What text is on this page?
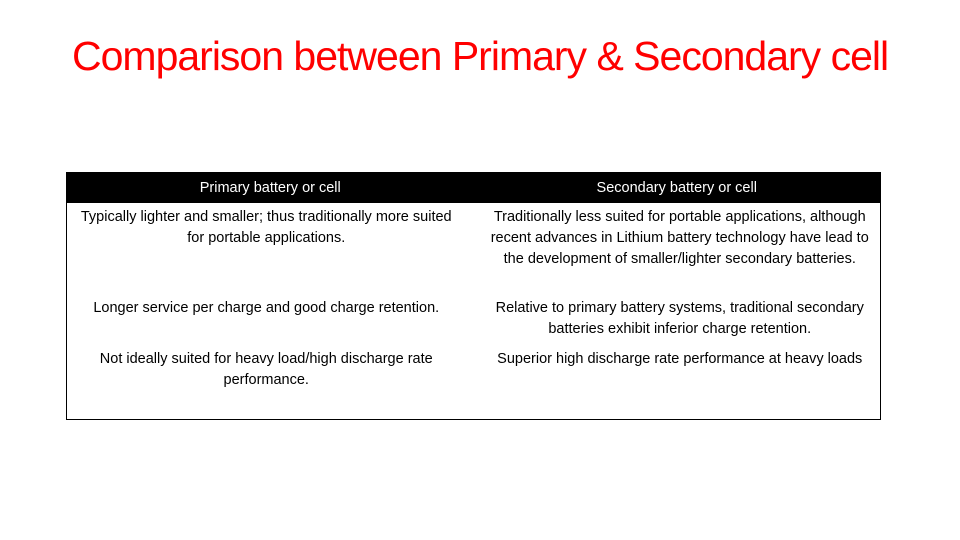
Comparison between Primary & Secondary cell
Primary battery or cell	Secondary battery or cell
Typically lighter and smaller; thus traditionally more suited for portable applications.	Traditionally less suited for portable applications, although recent advances in Lithium battery technology have lead to the development of smaller/lighter secondary batteries.
Longer service per charge and good charge retention.	Relative to primary battery systems, traditional secondary batteries exhibit inferior charge retention.
Not ideally suited for heavy load/high discharge rate performance.	Superior high discharge rate performance at heavy loads
